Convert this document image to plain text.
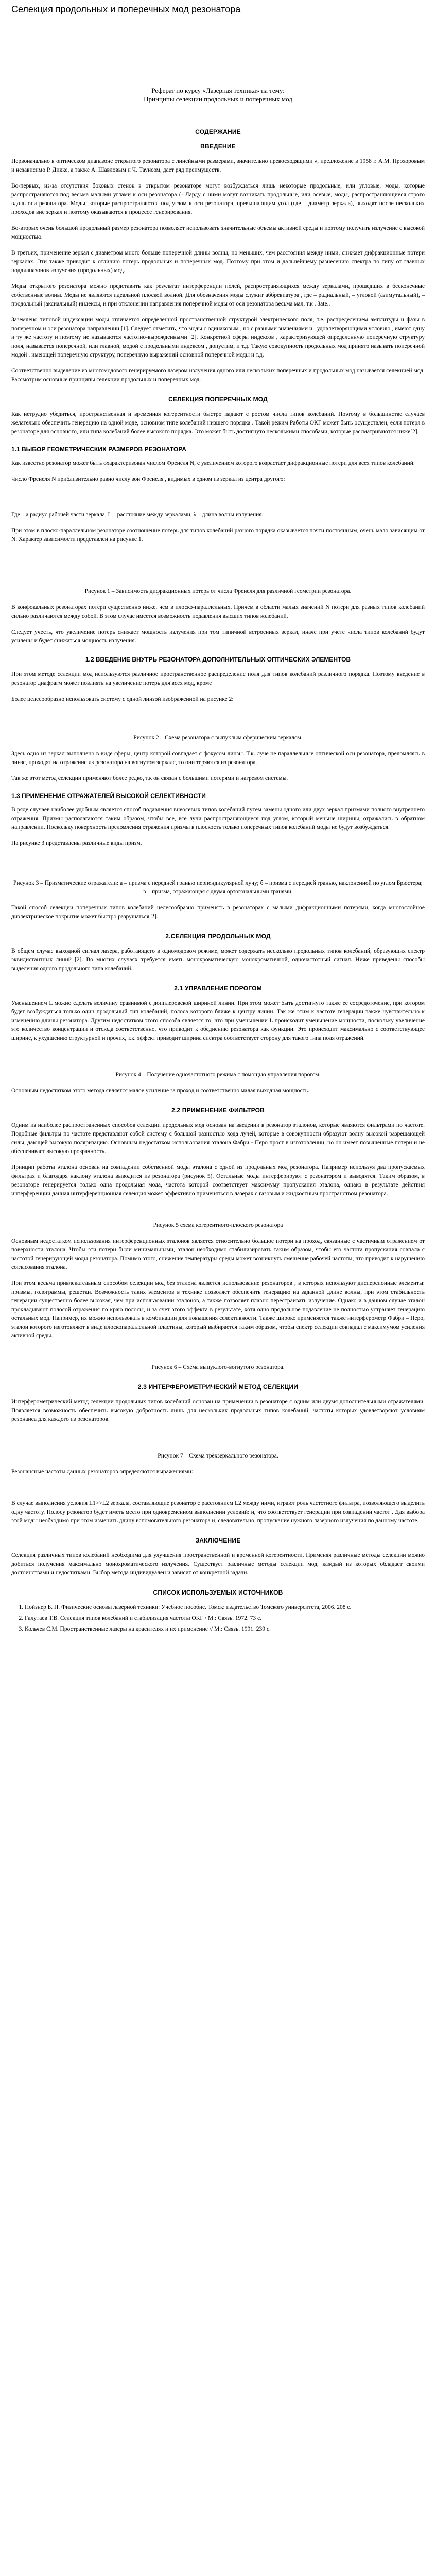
Селекция продольных и поперечных мод резонатора

Реферат по курсу «Лазерная техника» на тему:

Принципы селекции продольных и поперечных мод

СОДЕРЖАНИЕ
ВВЕДЕНИЕ

Первоначально в оптическом диапазоне открытого резонатора с линейными размерами, значительно превосходящими λ, предложение в 1958 г. А.М. Прохоровым и независимо Р. Дикке, а также А. Шавловым и Ч. Таунсом, дает ряд преимуществ.

Во-первых, из-за отсутствия боковых стенок в открытом резонаторе могут возбуждаться лишь некоторые продольные, или угловые, моды, которые распространяются под весьма малыми углами к оси резонатора (· Ларду с ними могут возникать продольные, или осевые, моды, распространяющиеся строго вдоль оси резонатора. Моды, которые распространяются под углом к оси резонатора, превышающим угол (где – диаметр зеркала), выходят после нескольких проходов вне зеркал и поэтому оказываются в процессе генерирования.

Во-вторых очень большой продольный размер резонатора позволяет использовать значительные объемы активной среды и поэтому получить излучение с высокой мощностью.

В третьих, применение зеркал с диаметром много больше поперечной длины волны, но меньших, чем расстояния между ними, снижает дифракционные потери зеркалах. Эти также приводит к отличию потерь продольных и поперечных мод. Поэтому при этом и дальнейшему разнесению спектра по типу от главных поддиапазонов излучения (продольных) мод.

Моды открытого резонатора можно представить как результат интерференции полей, распространяющихся между зеркалами, прошедших в бесконечные собственные волны. Моды не являются идеальной плоской волной. Для обозначения моды служит аббревиатура , где – радиальный, – угловой (азимутальный), – продольный (аксиальный) индексы, и при отклонении направления поперечной моды от оси резонатора весьма мал, т.к . Заte..

Заземлено типовой индексации моды отличается определенной пространственной структурой электрического поля, т.е. распределением амплитуды и фазы в поперечном и оси резонатора направлении [1]. Следует отметить, что моды с одинаковым , но с разными значениями и , удовлетворяющими условию , имеют одну и ту же частоту и поэтому не называются частотно-вырожденными [2]. Конкретной сферы индексов , характеризующей определенную поперечную структуру поля, называется поперечной, или главной, модой с продольными индексом , допустим, и т.д. Такую совокупность продольных мод принято называть поперечной модой , имеющей поперечную структуру, поперечную выражений основной поперечной моды и т.д.

Соответственно выделение из многомодового генерируемого лазером излучения одного или нескольких поперечных и продольных мод называется селекцией мод. Рассмотрим основные принципы селекции продольных и поперечных мод.

СЕЛЕКЦИЯ ПОПЕРЕЧНЫХ МОД

Как нетрудно убедиться, пространственная и временная когерентности быстро падают с ростом числа типов колебаний. Поэтому в большинстве случаев желательно обеспечить генерацию на одной моде, основном типе колебаний низшего порядка . Такой режим Работы ОКГ может быть осуществлен, если потеря в резонаторе для основного, или типа колебаний более высокого порядка. Это может быть достигнуто несколькими способами, которые рассматриваются ниже[2].

1.1 ВЫБОР ГЕОМЕТРИЧЕСКИХ РАЗМЕРОВ РЕЗОНАТОРА

Как известно резонатор может быть охарактеризован числом Френеля N, с увеличением которого возрастает дифракционные потери для всех типов колебаний.

Число Френеля N приблизительно равно числу зон Френеля , видимых в одном из зеркал из центра другого:

Где – a радиус рабочей части зеркала, L – расстояние между зеркалами, λ – длина волны излучения.

При этом в плоско-параллельном резонаторе соотношение потерь для типов колебаний разного порядка оказывается почти постоянным, очень мало зависящим от N. Характер зависимости представлен на рисунке 1.

Рисунок 1 – Зависимость дифракционных потерь от числа Френеля для различной геометрии резонатора.

В конфокальных резонаторах потери существенно ниже, чем в плоско-параллельных. Причем в области малых значений N потери для разных типов колебаний сильно различаются между собой. В этом случае имеется возможность подавления высших типов колебаний.

Следует учесть, что увеличение потерь снижает мощность излучения при том типичной встроенных зеркал, иначе при учете числа типов колебаний будут усилены и будет снижаться мощность излучения.

1.2 ВВЕДЕНИЕ ВНУТРЬ РЕЗОНАТОРА ДОПОЛНИТЕЛЬНЫХ ОПТИЧЕСКИХ ЭЛЕМЕНТОВ

При этом методе селекции мод используются различное пространственное распределение поля для типов колебаний различного порядка. Поэтому введение в резонатор диафрагм может повлиять на увеличение потерь для всех мод, кроме

Более целесообразно использовать систему с одной линзой изображенной на рисунке 2:

Рисунок 2 – Схема резонатора с выпуклым сферическим зеркалом.

Здесь одно из зеркал выполнено в виде сферы, центр которой совпадает с фокусом линзы. Т.к. луче не параллельные оптической оси резонатора, преломляясь в линзе, проходят на отражение из резонатора на вогнутом зеркале, то они теряются из резонатора.

Так же этот метод селекции применяют более редко, т.к он связан с большими потерями и нагревом системы.

1.3 ПРИМЕНЕНИЕ ОТРАЖАТЕЛЕЙ ВЫСОКОЙ СЕЛЕКТИВНОСТИ

В ряде случаев наиболее удобным является способ подавления внеосевых типов колебаний путем замены одного или двух зеркал призмами полного внутреннего отражения. Призмы располагаются таким образом, чтобы все, все лучи распространяющиеся под углом, который меньше ширины, отражались в обратном направлении. Поскольку поверхность преломления отражения призмы в плоскость только поперечных типов колебаний моды не будут возбуждаться.

На рисунке 3 представлены различные виды призм.

Рисунок 3 – Призматические отражатели: а – призма с передней гранью перпендикулярной лучу; б – призма с передней гранью, наклоненной по углом Брюстера; в – призма, отражающая с двумя ортогональными гранями.

Такой способ селекции поперечных типов колебаний целесообразно применять в резонаторах с малыми дифракционными потерями, когда многослойное диэлектрическое покрытие может быстро разрушаться[2].

2.СЕЛЕКЦИЯ ПРОДОЛЬНЫХ МОД

В общем случае выходной сигнал лазера, работающего в одномодовом режиме, может содержать несколько продольных типов колебаний, образующих спектр эквидистантных линий [2]. Во многих случаях требуется иметь монохроматическую монохроматичной, одночастотный сигнал. Ниже приведены способы выделения одного продольного типа колебаний.

2.1 УПРАВЛЕНИЕ ПОРОГОМ

Уменьшением L можно сделать величину сравнимой с допплеровской шириной линии. При этом может быть достигнуто также ее сосредоточение, при котором будет возбуждаться только один продольный тип колебаний, полоса которого ближе к центру линии. Так же этим к частоте генерации также чувствительно к изменению длины резонатора. Другим недостатком этого способа является то, что при уменьшении L происходит уменьшение мощности, поскольку увеличение это количество концентрации и отсюда соответственно, что приводит к обеднению резонатора как функции. Это происходит максимально с соответствующее ширине, к ухудшению структурной и прочих, т.к. эффект приводит ширина спектра соответствует сторону для такого типа поля отражений.

Рисунок 4 – Получение одночастотного режима с помощью управления порогом.

Основным недостатком этого метода является малое усиление за проход и соответственно малая выходная мощность.

2.2 ПРИМЕНЕНИЕ ФИЛЬТРОВ

Одним из наиболее распространенных способов селекции продольных мод основан на введении в резонатор эталонов, которые являются фильтрами по частоте. Подобные фильтры по частоте представляют собой систему с большой разностью хода лучей, которые в совокупности образуют волну высокой разрешающей силы, дающей высокую поляризацию. Основным недостатком использования эталона Фабри - Перо прост в изготовлении, но он имеет повышенные потери и не обеспечивает высокую прозрачность.

Принцип работы эталона основан на совпадении собственной моды эталона с одной из продольных мод резонатора. Например используя два пропускаемых фильтрах и благодаря наклону эталона выводится из резонатора (рисунок 5). Остальные моды интерферируют с резонатором и выводятся. Таким образом, в резонаторе генерируется только одна продольная мода, частота которой соответствует максимуму пропускания эталона, однако в результате действия интерференции данная интерференционная селекция может эффективно применяться в лазерах с газовым и жидкостным пространством резонатора.

Рисунок 5 схема когерентного-плоского резонатора

Основным недостатком использования интерференционных эталонов является относительно большое потери на проход, связанные с частичным отражением от поверхности эталона. Чтобы эти потери были минимальными, эталон необходимо стабилизировать таким образом, чтобы его частота пропускания совпала с частотой генерирующей моды резонатора. Помимо этого, снижение температуры среды может возникнуть смещение рабочей частоты, что приводит к нарушению согласования эталона.

При этом весьма привлекательным способом селекции мод без эталона является использование резонаторов , в которых используют дисперсионные элементы: призмы, голограммы, решетки. Возможность таких элементов в технике позволяет обеспечить генерацию на заданной длине волны, при этом стабильность генерации существенно более высокая, чем при использовании эталонов, а также позволяет плавно перестраивать излучение. Однако и в данном случае эталон прокладывают полосой отражения по краю полосы, и за счет этого эффекта в результате, хотя одно продольное подавление не полностью устраняет генерацию остальных мод. Например, их можно использовать в комбинации для повышения селективности. Также широко применяется также интерферометр Фабри – Перо, эталон которого изготовляют в виде плоскопараллельной пластины, который выбирается таким образом, чтобы спектр селекции совпадал с максимумом усиления активной среды.

Рисунок 6 – Схема выпуклого-вогнутого резонатора.
2.3 ИНТЕРФЕРОМЕТРИЧЕСКИЙ МЕТОД СЕЛЕКЦИИ

Интерферометрический метод селекции продольных типов колебаний основан на применении в резонаторе с одним или двумя дополнительными отражателями. Появляется возможность обеспечить высокую добротность лишь для нескольких продольных типов колебаний, частоты которых удовлетворяют условиям резонанса для каждого из резонаторов.

Рисунок 7 – Схема трёхзеркального резонатора.

Резонансные частоты данных резонаторов определяются выражениями:

В случае выполнения условия L1>>L2 зеркала, составляющие резонатор с расстоянием L2 между ними, играют роль частотного фильтра, позволяющего выделить одну частоту. Полосу резонатор будет иметь место при одновременном выполнении условий: и, что соответствует генерации при совпадении частот . Для выбора этой моды необходимо при этом изменить длину вспомогательного резонатора и, следовательно, пропускание нужного лазерного излучения по данному частоте.

ЗАКЛЮЧЕНИЕ

Селекция различных типов колебаний необходима для улучшения пространственной и временной когерентности. Применяя различные методы селекции можно добиться получения максимально монохроматического излучения. Существует различные методы селекции мод, каждый из которых обладает своими достоинствами и недостатками. Выбор метода индивидуален и зависит от конкретной задачи.

СПИСОК ИСПОЛЬЗУЕМЫХ ИСТОЧНИКОВ
1. Пойзнер Б. Н. Физические основы лазерной техники: Учебное пособие. Томск: издательство Томского университета, 2006. 208 с.
2. Галутаев Т.В. Селекция типов колебаний и стабилизация частоты ОКГ / М.: Связь. 1972. 73 с.
3. Кольчев С.М. Пространственные лазеры на красителях и их применение // М.: Связь. 1991. 239 с.
